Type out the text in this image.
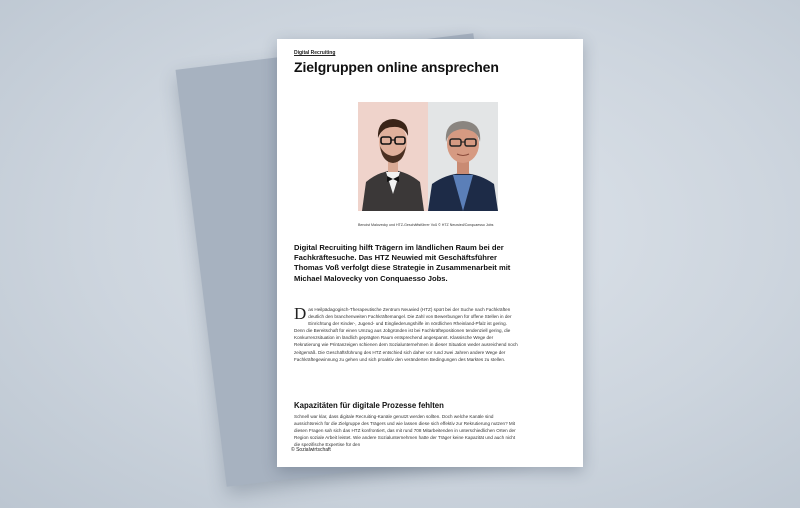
Digital Recruiting
Zielgruppen online ansprechen
Benoist Malovecky und HTZ-Geschäftsführer Voß © HTZ Neuwied/Conquaesso Jobs
Digital Recruiting hilft Trägern im ländlichen Raum bei der Fachkräftesuche. Das HTZ Neuwied mit Geschäftsführer Thomas Voß verfolgt diese Strategie in Zusammenarbeit mit Michael Malovecky von Conquaesso Jobs.
Das Heilpädagogisch-Therapeutische Zentrum Neuwied (HTZ) spürt bei der Suche nach Fachkräften deutlich den branchenweiten Fachkräftemangel. Die Zahl von Bewerbungen für offene Stellen in der Einrichtung der Kinder-, Jugend- und Eingliederungshilfe im nördlichen Rheinland-Pfalz ist gering. Denn die Bereitschaft für einen Umzug aus Jobgründen ist bei Fachkräftepositionen tendenziell gering, die Konkurrenzsituation im ländlich geprägten Raum entsprechend angespannt. Klassische Wege der Rekrutierung wie Printanzeigen schienen dem Sozialunternehmen in dieser Situation weder ausreichend noch zeitgemäß. Die Geschäftsführung des HTZ entschied sich daher vor rund zwei Jahren andere Wege der Fachkräftegewinnung zu gehen und sich proaktiv den veränderten Bedingungen des Marktes zu stellen.
Kapazitäten für digitale Prozesse fehlten
Schnell war klar, dass digitale Recruiting-Kanäle genutzt werden sollten. Doch welche Kanäle sind aussichtsreich für die Zielgruppe des Trägers und wie lassen diese sich effektiv zur Rekrutierung nutzen? Mit diesen Fragen sah sich das HTZ konfrontiert, das mit rund 708 Mitarbeitenden in unterschiedlichen Orten der Region soziale Arbeit leistet. Wie andere Sozialunternehmen hatte der Träger keine Kapazität und auch nicht die spezifische Expertise für den
© Sozialwirtschaft
